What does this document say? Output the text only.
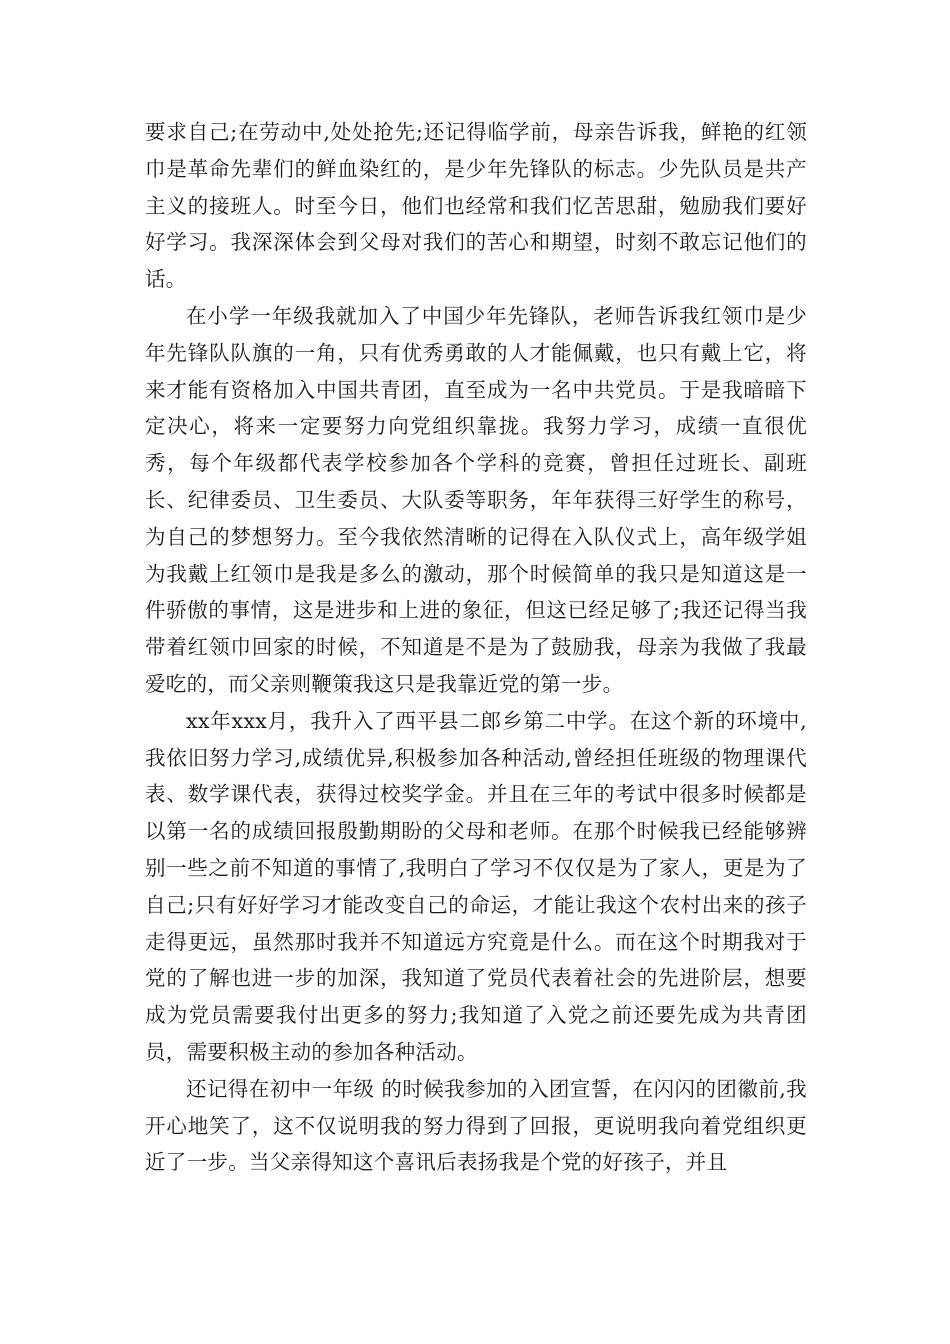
要求自己;在劳动中,处处抢先;还记得临学前，母亲告诉我，鲜艳的红领巾是革命先辈们的鲜血染红的，是少年先锋队的标志。少先队员是共产主义的接班人。时至今日，他们也经常和我们忆苦思甜，勉励我们要好好学习。我深深体会到父母对我们的苦心和期望，时刻不敢忘记他们的话。

在小学一年级我就加入了中国少年先锋队，老师告诉我红领巾是少年先锋队队旗的一角，只有优秀勇敢的人才能佩戴，也只有戴上它，将来才能有资格加入中国共青团，直至成为一名中共党员。于是我暗暗下定决心，将来一定要努力向党组织靠拢。我努力学习，成绩一直很优秀，每个年级都代表学校参加各个学科的竞赛，曾担任过班长、副班长、纪律委员、卫生委员、大队委等职务，年年获得三好学生的称号，为自己的梦想努力。至今我依然清晰的记得在入队仪式上，高年级学姐为我戴上红领巾是我是多么的激动，那个时候简单的我只是知道这是一件骄傲的事情，这是进步和上进的象征，但这已经足够了;我还记得当我带着红领巾回家的时候，不知道是不是为了鼓励我，母亲为我做了我最爱吃的，而父亲则鞭策我这只是我靠近党的第一步。

xx年xxx月，我升入了西平县二郎乡第二中学。在这个新的环境中,我依旧努力学习,成绩优异,积极参加各种活动,曾经担任班级的物理课代表、数学课代表，获得过校奖学金。并且在三年的考试中很多时候都是以第一名的成绩回报殷勤期盼的父母和老师。在那个时候我已经能够辨别一些之前不知道的事情了,我明白了学习不仅仅是为了家人，更是为了自己;只有好好学习才能改变自己的命运，才能让我这个农村出来的孩子走得更远，虽然那时我并不知道远方究竟是什么。而在这个时期我对于党的了解也进一步的加深，我知道了党员代表着社会的先进阶层，想要成为党员需要我付出更多的努力;我知道了入党之前还要先成为共青团员，需要积极主动的参加各种活动。

还记得在初中一年级 的时候我参加的入团宣誓，在闪闪的团徽前,我开心地笑了，这不仅说明我的努力得到了回报，更说明我向着党组织更近了一步。当父亲得知这个喜讯后表扬我是个党的好孩子，并且
